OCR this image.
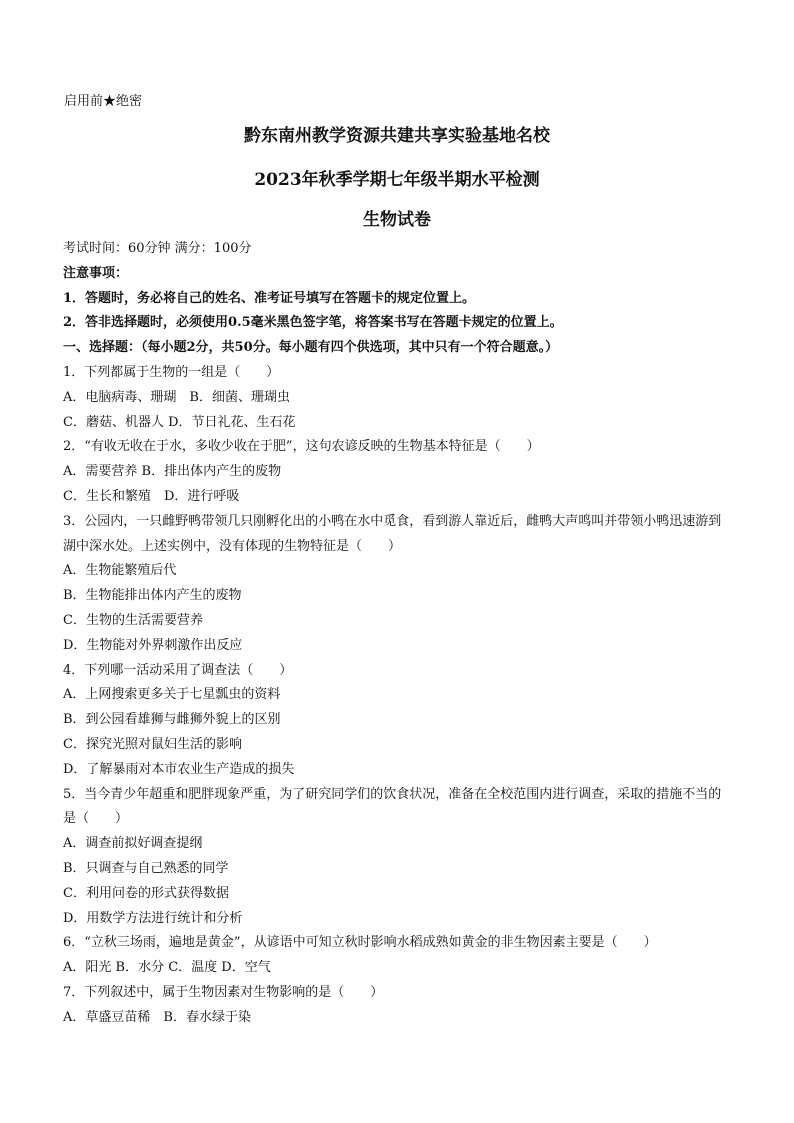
启用前★绝密
黔东南州教学资源共建共享实验基地名校
2023年秋季学期七年级半期水平检测
生物试卷
考试时间：60分钟 满分：100分
注意事项：
1．答题时，务必将自己的姓名、准考证号填写在答题卡的规定位置上。
2．答非选择题时，必须使用0.5毫米黑色签字笔，将答案书写在答题卡规定的位置上。
一、选择题：（每小题2分，共50分。每小题有四个供选项，其中只有一个符合题意。）
1．下列都属于生物的一组是（　　）
A．电脑病毒、珊瑚　B．细菌、珊瑚虫
C．蘑菇、机器人 D．节日礼花、生石花
2．“有收无收在于水，多收少收在于肥”，这句农谚反映的生物基本特征是（　　）
A．需要营养 B．排出体内产生的废物
C．生长和繁殖　D．进行呼吸
3．公园内，一只雌野鸭带领几只刚孵化出的小鸭在水中觅食，看到游人靠近后，雌鸭大声鸣叫并带领小鸭迅速游到湖中深水处。上述实例中，没有体现的生物特征是（　　）
A．生物能繁殖后代
B．生物能排出体内产生的废物
C．生物的生活需要营养
D．生物能对外界刺激作出反应
4．下列哪一活动采用了调查法（　　）
A．上网搜索更多关于七星瓢虫的资料
B．到公园看雄狮与雌狮外貌上的区别
C．探究光照对鼠妇生活的影响
D．了解暴雨对本市农业生产造成的损失
5．当今青少年超重和肥胖现象严重，为了研究同学们的饮食状况，准备在全校范围内进行调查，采取的措施不当的是（　　）
A．调查前拟好调查提纲
B．只调查与自己熟悉的同学
C．利用问卷的形式获得数据
D．用数学方法进行统计和分析
6．“立秋三场雨，遍地是黄金”，从谚语中可知立秋时影响水稻成熟如黄金的非生物因素主要是（　　）
A．阳光 B．水分 C．温度 D．空气
7．下列叙述中，属于生物因素对生物影响的是（　　）
A．草盛豆苗稀　B．春水绿于染
